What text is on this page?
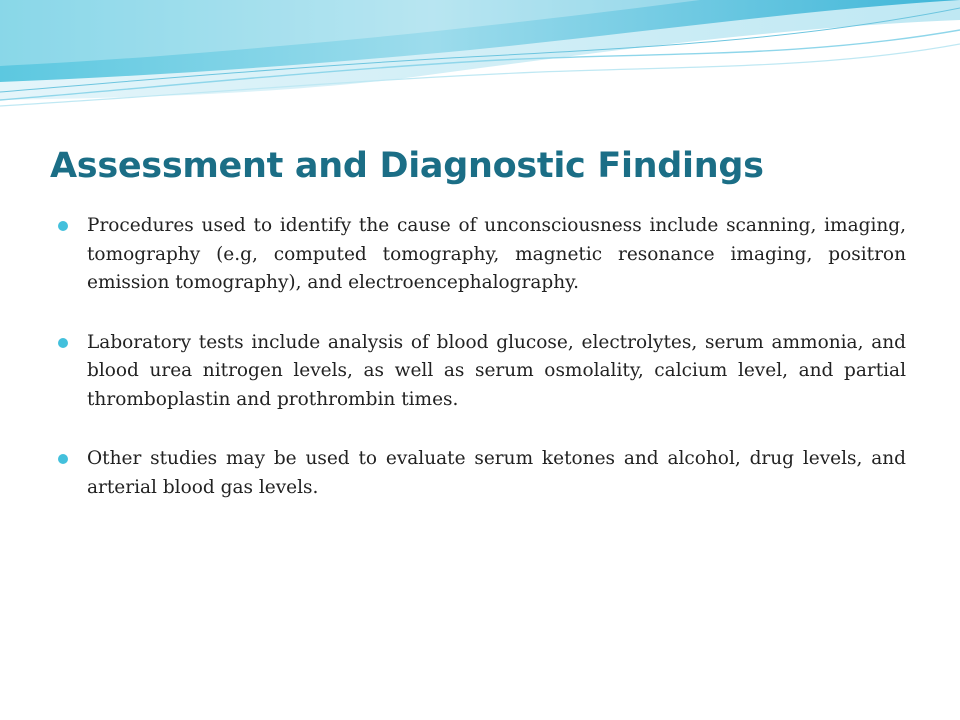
Assessment and Diagnostic Findings
Procedures used to identify the cause of unconsciousness include scanning, imaging, tomography (e.g, computed tomography, magnetic resonance imaging, positron emission tomography), and electroencephalography.
Laboratory tests include analysis of blood glucose, electrolytes, serum ammonia, and blood urea nitrogen levels, as well as serum osmolality, calcium level, and partial thromboplastin and prothrombin times.
Other studies may be used to evaluate serum ketones and alcohol, drug levels, and arterial blood gas levels.
